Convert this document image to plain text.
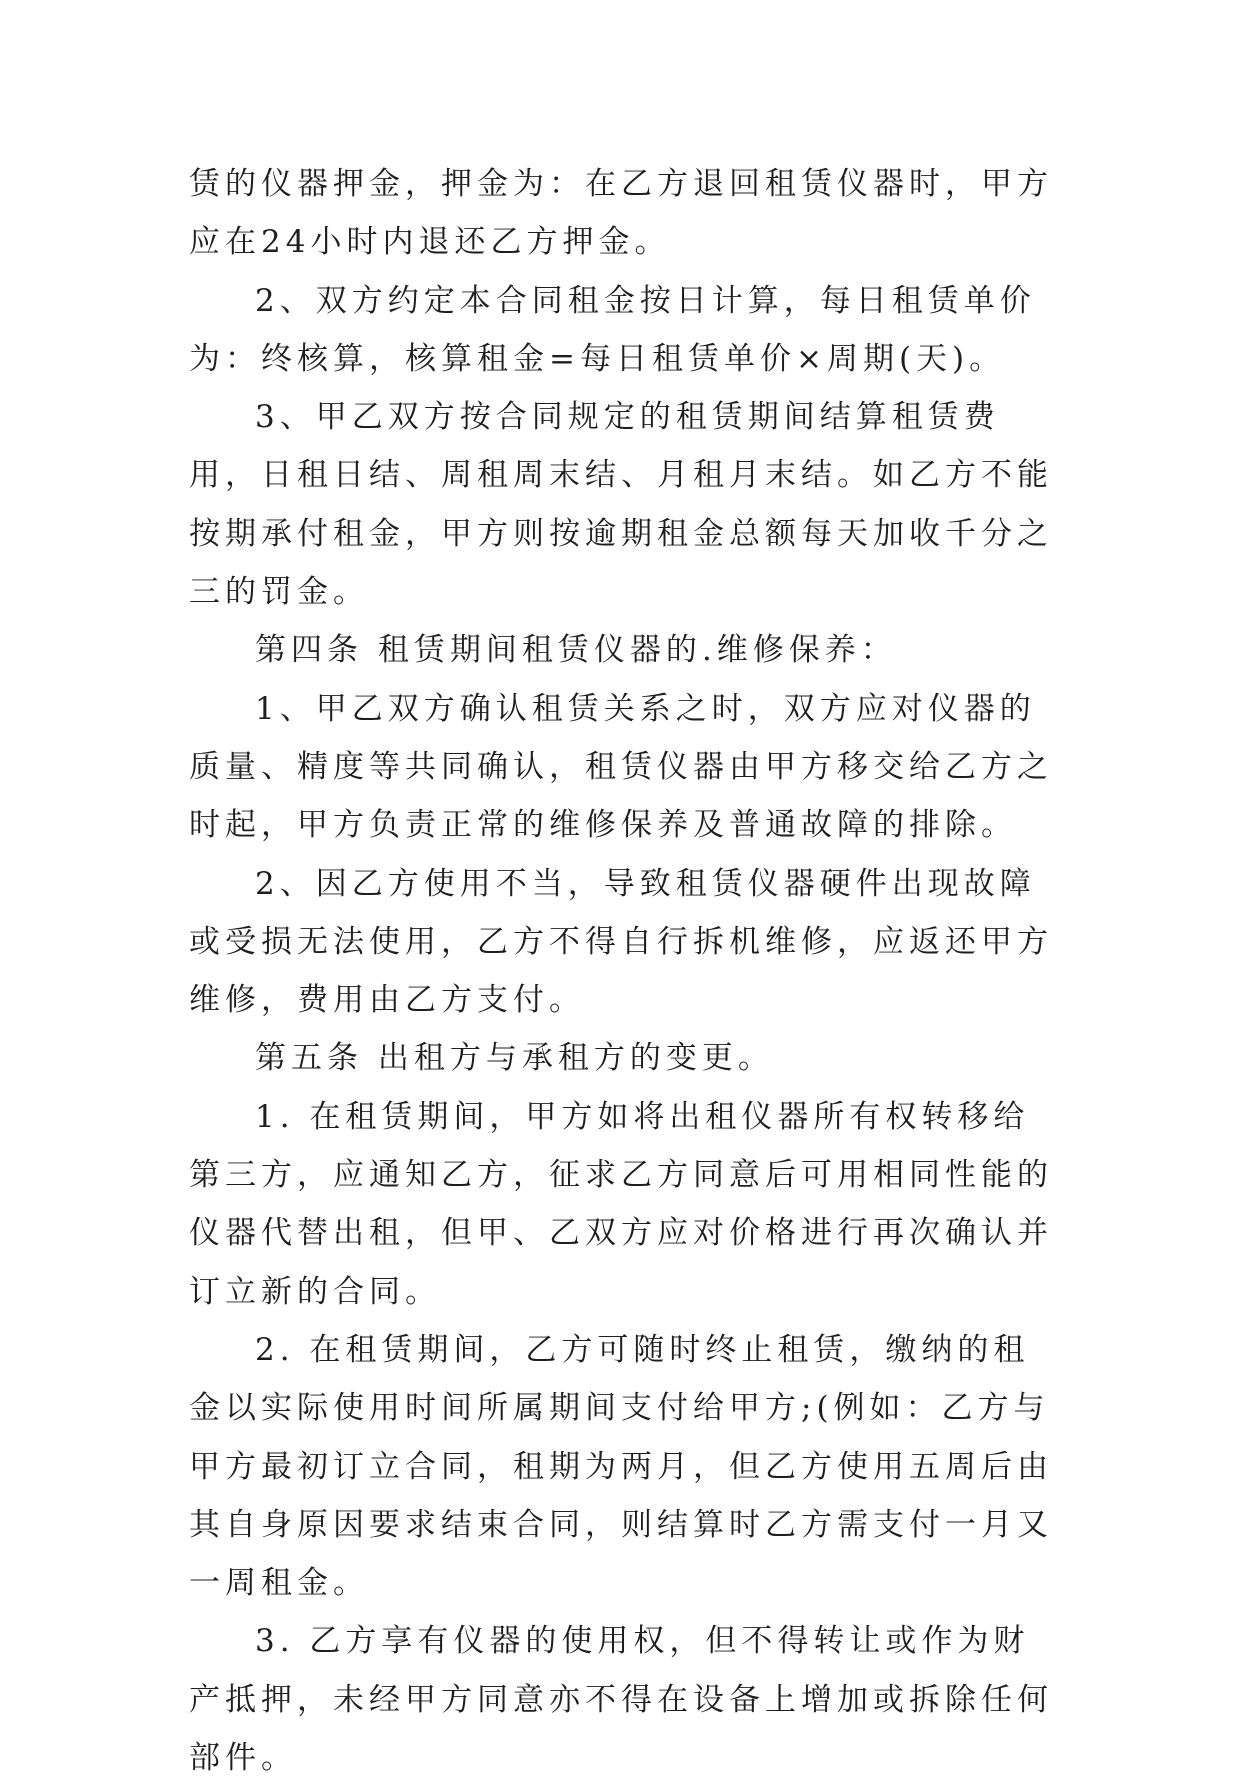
赁的仪器押金，押金为：在乙方退回租赁仪器时，甲方应在24小时内退还乙方押金。

2、双方约定本合同租金按日计算，每日租赁单价为：终核算，核算租金=每日租赁单价×周期(天)。

3、甲乙双方按合同规定的租赁期间结算租赁费用，日租日结、周租周末结、月租月末结。如乙方不能按期承付租金，甲方则按逾期租金总额每天加收千分之三的罚金。

第四条 租赁期间租赁仪器的.维修保养：

1、甲乙双方确认租赁关系之时，双方应对仪器的质量、精度等共同确认，租赁仪器由甲方移交给乙方之时起，甲方负责正常的维修保养及普通故障的排除。

2、因乙方使用不当，导致租赁仪器硬件出现故障或受损无法使用，乙方不得自行拆机维修，应返还甲方维修，费用由乙方支付。

第五条 出租方与承租方的变更。

1. 在租赁期间，甲方如将出租仪器所有权转移给第三方，应通知乙方，征求乙方同意后可用相同性能的仪器代替出租，但甲、乙双方应对价格进行再次确认并订立新的合同。

2. 在租赁期间，乙方可随时终止租赁，缴纳的租金以实际使用时间所属期间支付给甲方;(例如：乙方与甲方最初订立合同，租期为两月，但乙方使用五周后由其自身原因要求结束合同，则结算时乙方需支付一月又一周租金。

3. 乙方享有仪器的使用权，但不得转让或作为财产抵押，未经甲方同意亦不得在设备上增加或拆除任何部件。
